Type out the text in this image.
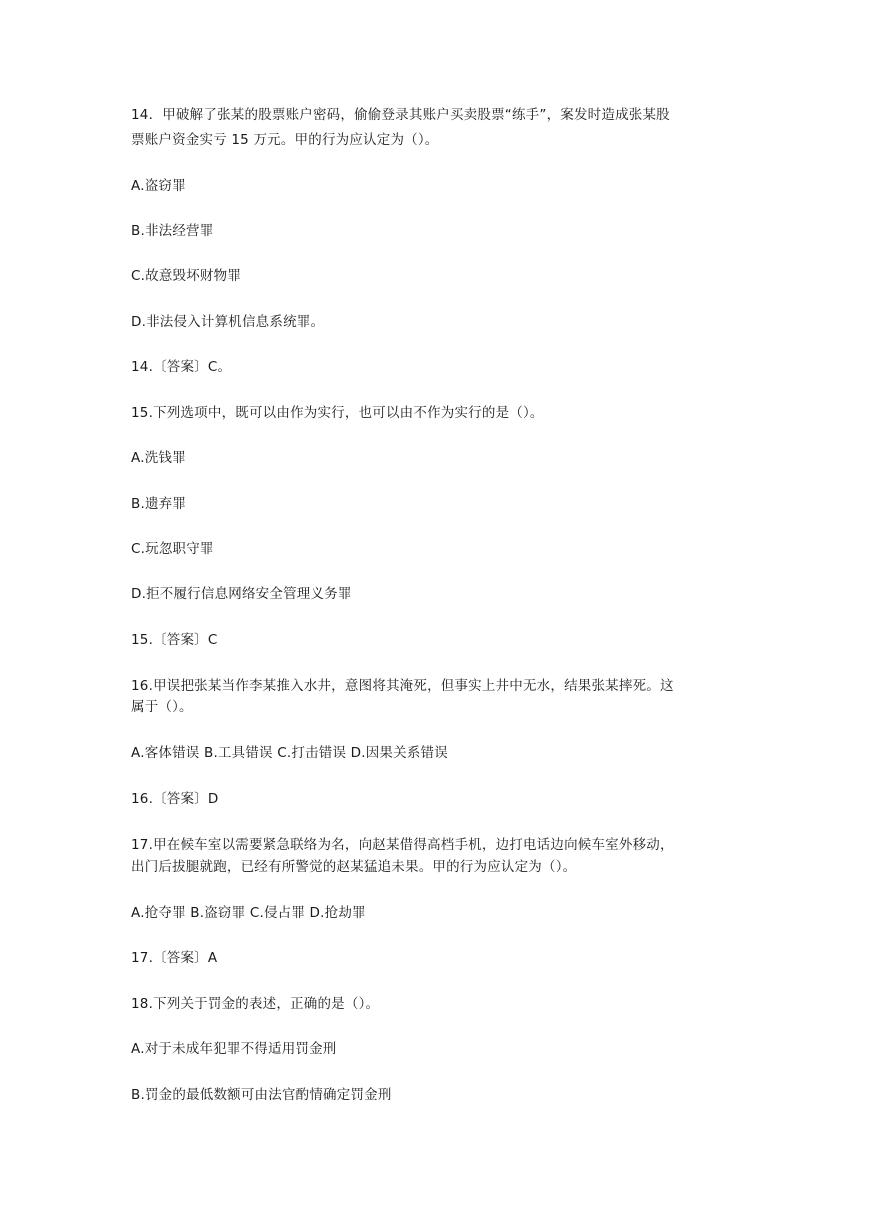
14．甲破解了张某的股票账户密码，偷偷登录其账户买卖股票“练手”，案发时造成张某股
票账户资金实亏 15 万元。甲的行为应认定为（）。
A.盗窃罪
B.非法经营罪
C.故意毁坏财物罪
D.非法侵入计算机信息系统罪。
14.〔答案〕C。
15.下列选项中，既可以由作为实行，也可以由不作为实行的是（）。
A.洗钱罪
B.遗弃罪
C.玩忽职守罪
D.拒不履行信息网络安全管理义务罪
15.〔答案〕C
16.甲误把张某当作李某推入水井，意图将其淹死，但事实上井中无水，结果张某摔死。这
属于（）。
A.客体错误 B.工具错误 C.打击错误 D.因果关系错误
16.〔答案〕D
17.甲在候车室以需要紧急联络为名，向赵某借得高档手机，边打电话边向候车室外移动，
出门后拔腿就跑，已经有所警觉的赵某猛追未果。甲的行为应认定为（）。
A.抢夺罪 B.盗窃罪 C.侵占罪 D.抢劫罪
17.〔答案〕A
18.下列关于罚金的表述，正确的是（）。
A.对于未成年犯罪不得适用罚金刑
B.罚金的最低数额可由法官酌情确定罚金刑
